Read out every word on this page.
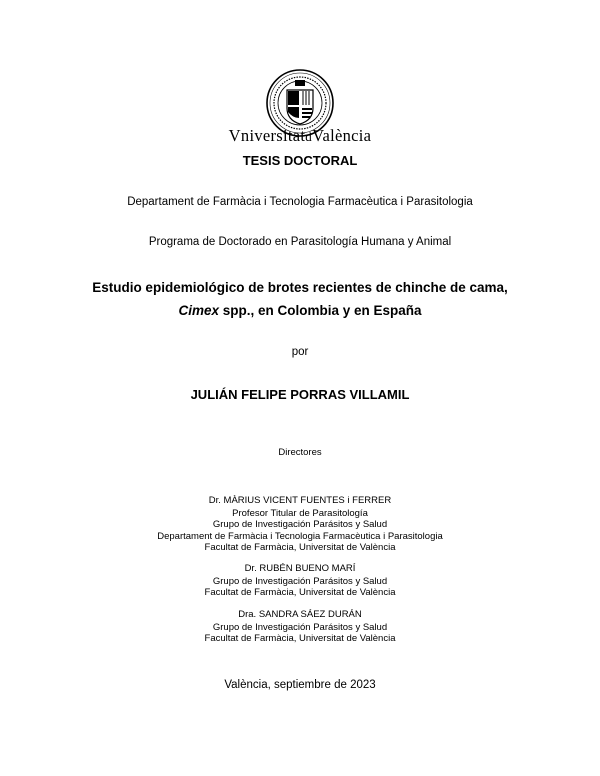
VniversitatdValència
TESIS DOCTORAL
Departament de Farmàcia i Tecnologia Farmacèutica i Parasitologia
Programa de Doctorado en Parasitología Humana y Animal
Estudio epidemiológico de brotes recientes de chinche de cama,
Cimex spp., en Colombia y en España
por
JULIÁN FELIPE PORRAS VILLAMIL
Directores
Dr. MÀRIUS VICENT FUENTES i FERRER
Profesor Titular de Parasitología
Grupo de Investigación Parásitos y Salud
Departament de Farmàcia i Tecnologia Farmacèutica i Parasitologia
Facultat de Farmàcia, Universitat de València
Dr. RUBÉN BUENO MARÍ
Grupo de Investigación Parásitos y Salud
Facultat de Farmàcia, Universitat de València
Dra. SANDRA SÁEZ DURÁN
Grupo de Investigación Parásitos y Salud
Facultat de Farmàcia, Universitat de València
València, septiembre de 2023
